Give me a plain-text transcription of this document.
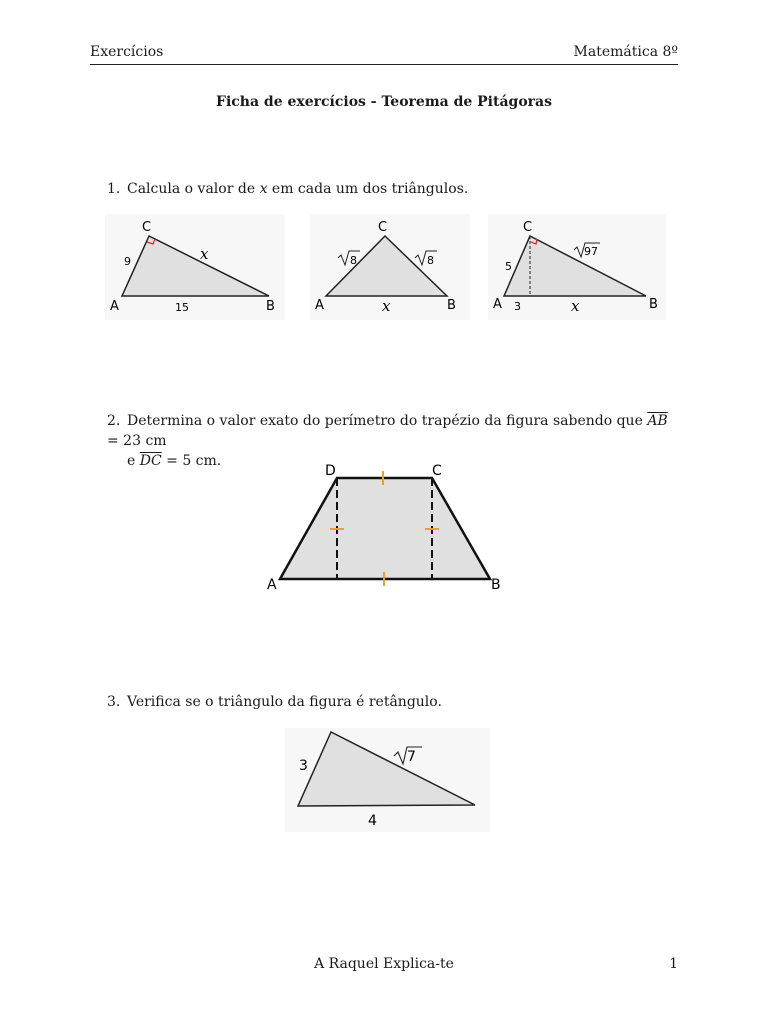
Exercícios	Matemática 8º
Ficha de exercícios - Teorema de Pitágoras
1. Calcula o valor de x em cada um dos triângulos.
C
A	B
9
15
x
C
A	B
8	8
x
C
A	B
5
97
3	x
2. Determina o valor exato do perímetro do trapézio da figura sabendo que $\overline{AB} = 23$ cm
e $\overline{DC} = 5$ cm.
D	C
A	B
3. Verifica se o triângulo da figura é retângulo.
3
7
4
A Raquel Explica-te	1
